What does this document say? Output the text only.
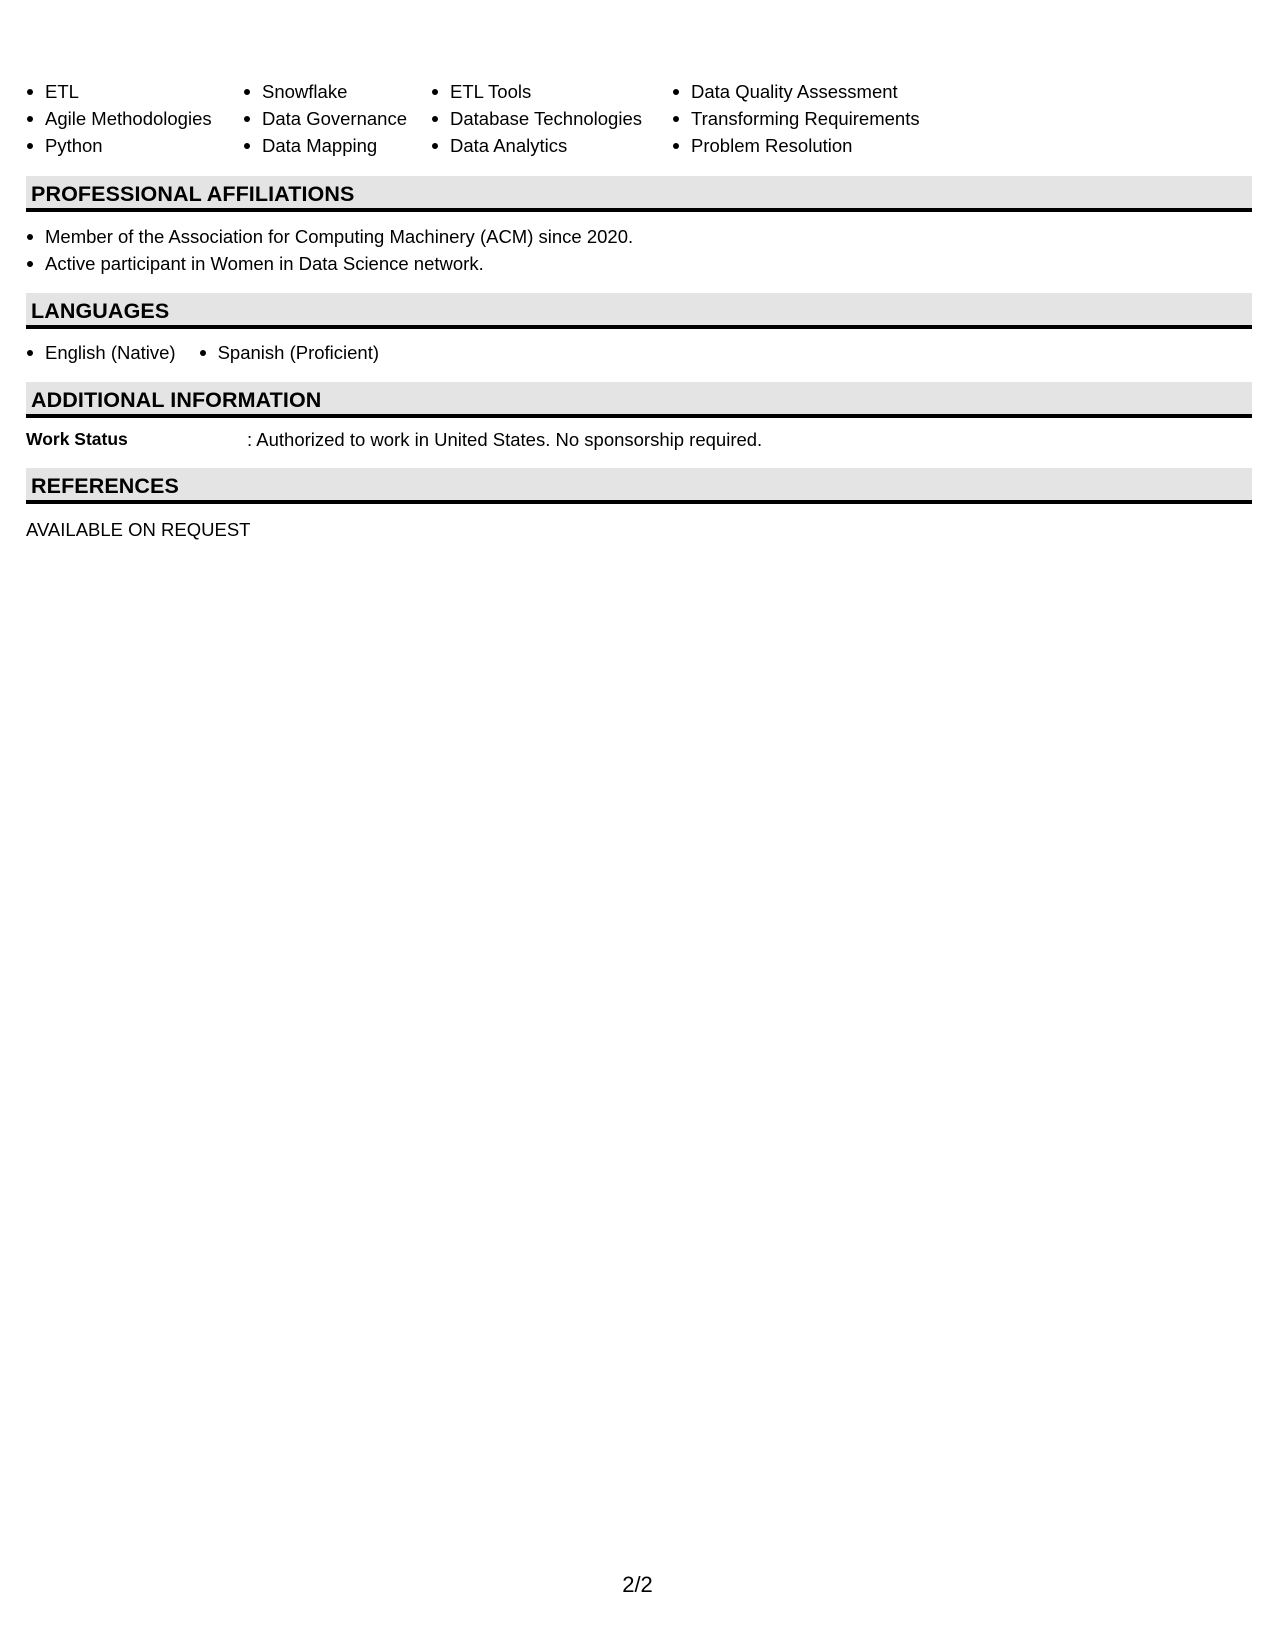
ETL
Agile Methodologies
Python
Snowflake
Data Governance
Data Mapping
ETL Tools
Database Technologies
Data Analytics
Data Quality Assessment
Transforming Requirements
Problem Resolution
PROFESSIONAL AFFILIATIONS
Member of the Association for Computing Machinery (ACM) since 2020.
Active participant in Women in Data Science network.
LANGUAGES
English (Native) Spanish (Proficient)
ADDITIONAL INFORMATION
Work Status	: Authorized to work in United States. No sponsorship required.
REFERENCES
AVAILABLE ON REQUEST
2/2
